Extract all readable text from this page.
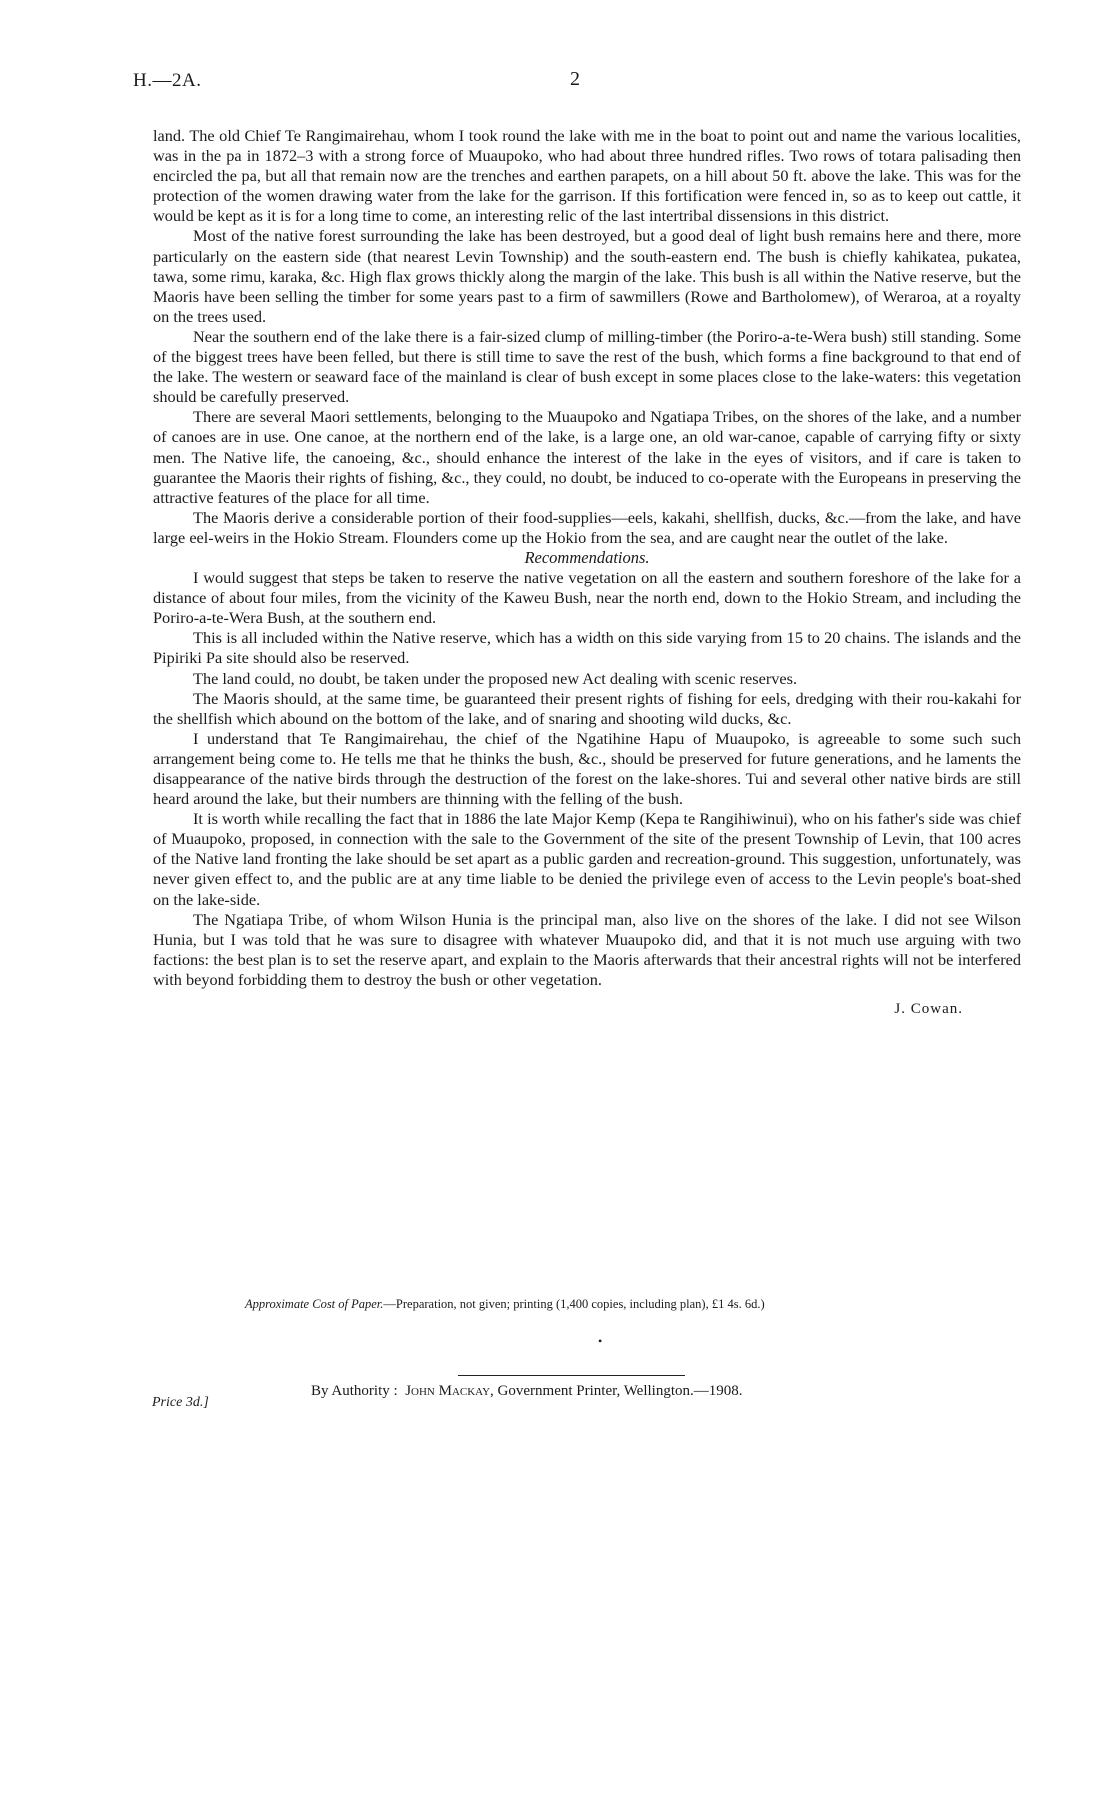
H.—2A.	2

land. The old Chief Te Rangimairehau, whom I took round the lake with me in the boat to point out and name the various localities, was in the pa in 1872–3 with a strong force of Muaupoko, who had about three hundred rifles. Two rows of totara palisading then encircled the pa, but all that remain now are the trenches and earthen parapets, on a hill about 50 ft. above the lake. This was for the protection of the women drawing water from the lake for the garrison. If this fortification were fenced in, so as to keep out cattle, it would be kept as it is for a long time to come, an interesting relic of the last intertribal dissensions in this district.

Most of the native forest surrounding the lake has been destroyed, but a good deal of light bush remains here and there, more particularly on the eastern side (that nearest Levin Township) and the south-eastern end. The bush is chiefly kahikatea, pukatea, tawa, some rimu, karaka, &c. High flax grows thickly along the margin of the lake. This bush is all within the Native reserve, but the Maoris have been selling the timber for some years past to a firm of sawmillers (Rowe and Bartholomew), of Weraroa, at a royalty on the trees used.

Near the southern end of the lake there is a fair-sized clump of milling-timber (the Poriro-a-te-Wera bush) still standing. Some of the biggest trees have been felled, but there is still time to save the rest of the bush, which forms a fine background to that end of the lake. The western or seaward face of the mainland is clear of bush except in some places close to the lake-waters: this vegetation should be carefully preserved.

There are several Maori settlements, belonging to the Muaupoko and Ngatiapa Tribes, on the shores of the lake, and a number of canoes are in use. One canoe, at the northern end of the lake, is a large one, an old war-canoe, capable of carrying fifty or sixty men. The Native life, the canoeing, &c., should enhance the interest of the lake in the eyes of visitors, and if care is taken to guarantee the Maoris their rights of fishing, &c., they could, no doubt, be induced to co-operate with the Europeans in preserving the attractive features of the place for all time.

The Maoris derive a considerable portion of their food-supplies—eels, kakahi, shellfish, ducks, &c.—from the lake, and have large eel-weirs in the Hokio Stream. Flounders come up the Hokio from the sea, and are caught near the outlet of the lake.

Recommendations.

I would suggest that steps be taken to reserve the native vegetation on all the eastern and southern foreshore of the lake for a distance of about four miles, from the vicinity of the Kaweu Bush, near the north end, down to the Hokio Stream, and including the Poriro-a-te-Wera Bush, at the southern end.

This is all included within the Native reserve, which has a width on this side varying from 15 to 20 chains. The islands and the Pipiriki Pa site should also be reserved.

The land could, no doubt, be taken under the proposed new Act dealing with scenic reserves.

The Maoris should, at the same time, be guaranteed their present rights of fishing for eels, dredging with their rou-kakahi for the shellfish which abound on the bottom of the lake, and of snaring and shooting wild ducks, &c.

I understand that Te Rangimairehau, the chief of the Ngatihine Hapu of Muaupoko, is agreeable to some such such arrangement being come to. He tells me that he thinks the bush, &c., should be preserved for future generations, and he laments the disappearance of the native birds through the destruction of the forest on the lake-shores. Tui and several other native birds are still heard around the lake, but their numbers are thinning with the felling of the bush.

It is worth while recalling the fact that in 1886 the late Major Kemp (Kepa te Rangihiwinui), who on his father's side was chief of Muaupoko, proposed, in connection with the sale to the Government of the site of the present Township of Levin, that 100 acres of the Native land fronting the lake should be set apart as a public garden and recreation-ground. This suggestion, unfortunately, was never given effect to, and the public are at any time liable to be denied the privilege even of access to the Levin people's boat-shed on the lake-side.

The Ngatiapa Tribe, of whom Wilson Hunia is the principal man, also live on the shores of the lake. I did not see Wilson Hunia, but I was told that he was sure to disagree with whatever Muaupoko did, and that it is not much use arguing with two factions: the best plan is to set the reserve apart, and explain to the Maoris afterwards that their ancestral rights will not be interfered with beyond forbidding them to destroy the bush or other vegetation.

J. Cowan.
Approximate Cost of Paper.—Preparation, not given; printing (1,400 copies, including plan), £1 4s. 6d.)
•
Price 3d.]
By Authority : John Mackay, Government Printer, Wellington.—1908.
